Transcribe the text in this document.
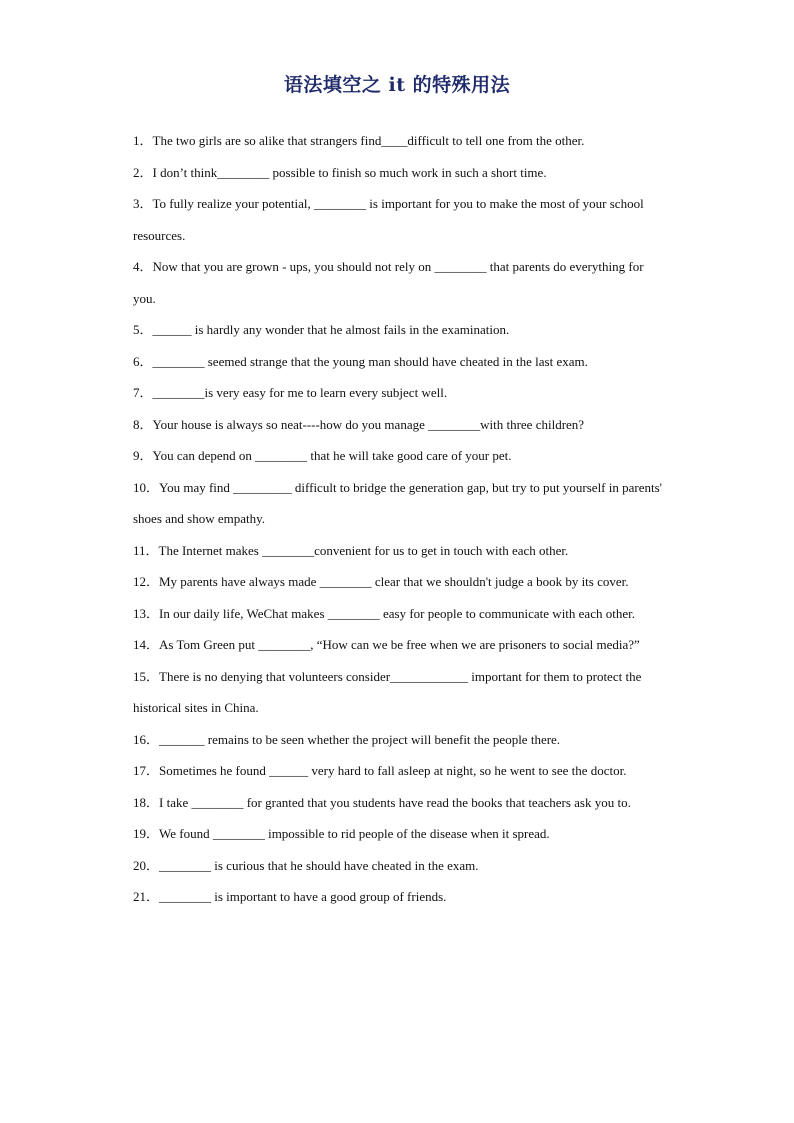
语法填空之 it 的特殊用法
1．The two girls are so alike that strangers find____difficult to tell one from the other.
2．I don’t think________ possible to finish so much work in such a short time.
3．To fully realize your potential, ________ is important for you to make the most of your school resources.
4．Now that you are grown - ups, you should not rely on ________ that parents do everything for you.
5．______ is hardly any wonder that he almost fails in the examination.
6．________ seemed strange that the young man should have cheated in the last exam.
7．________is very easy for me to learn every subject well.
8．Your house is always so neat----how do you manage ________with three children?
9．You can depend on ________ that he will take good care of your pet.
10．You may find _________ difficult to bridge the generation gap, but try to put yourself in parents' shoes and show empathy.
11．The Internet makes ________convenient for us to get in touch with each other.
12．My parents have always made ________ clear that we shouldn't judge a book by its cover.
13．In our daily life, WeChat makes ________ easy for people to communicate with each other.
14．As Tom Green put ________, “How can we be free when we are prisoners to social media?”
15．There is no denying that volunteers consider____________ important for them to protect the historical sites in China.
16．_______ remains to be seen whether the project will benefit the people there.
17．Sometimes he found ______ very hard to fall asleep at night, so he went to see the doctor.
18．I take ________ for granted that you students have read the books that teachers ask you to.
19．We found ________ impossible to rid people of the disease when it spread.
20．________ is curious that he should have cheated in the exam.
21．________ is important to have a good group of friends.
